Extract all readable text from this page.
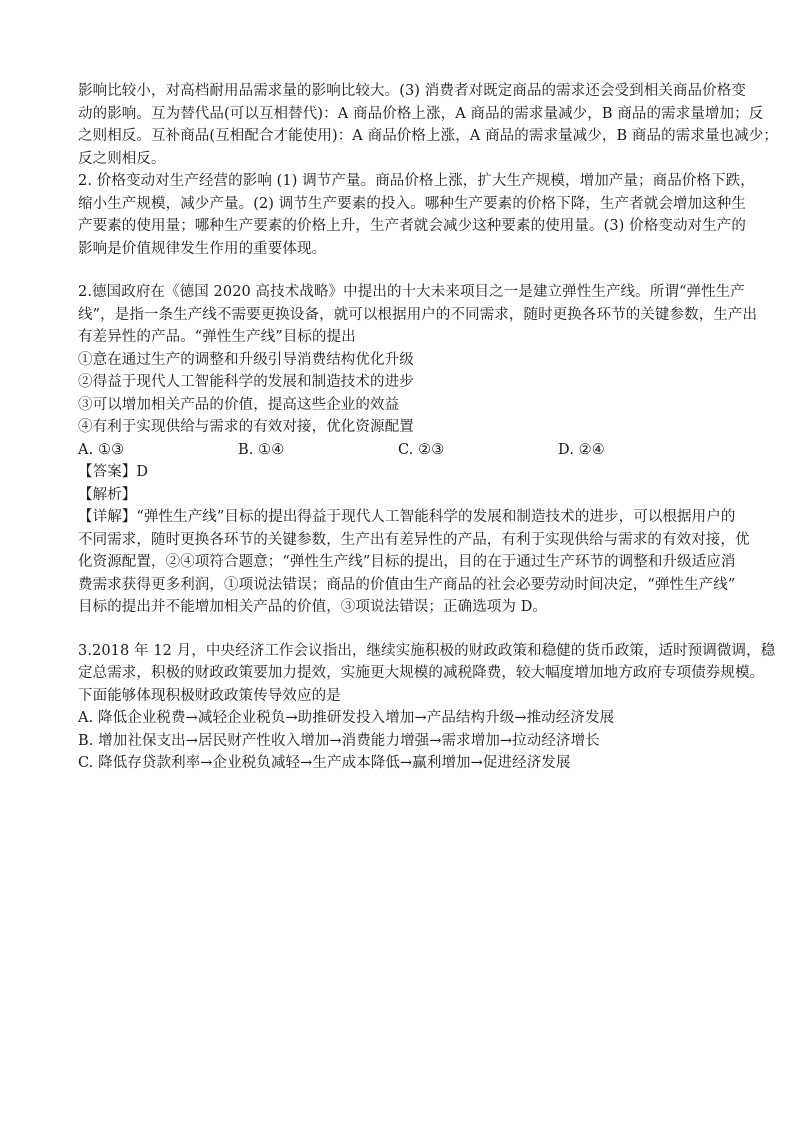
影响比较小，对高档耐用品需求量的影响比较大。(3) 消费者对既定商品的需求还会受到相关商品价格变
动的影响。互为替代品(可以互相替代)：A 商品价格上涨，A 商品的需求量减少，B 商品的需求量增加；反
之则相反。互补商品(互相配合才能使用)：A 商品价格上涨，A 商品的需求量减少，B 商品的需求量也减少；
反之则相反。
2. 价格变动对生产经营的影响 (1) 调节产量。商品价格上涨，扩大生产规模，增加产量；商品价格下跌，
缩小生产规模，减少产量。(2) 调节生产要素的投入。哪种生产要素的价格下降，生产者就会增加这种生
产要素的使用量；哪种生产要素的价格上升，生产者就会减少这种要素的使用量。(3) 价格变动对生产的
影响是价值规律发生作用的重要体现。
2.德国政府在《德国 2020 高技术战略》中提出的十大未来项目之一是建立弹性生产线。所谓“弹性生产
线”，是指一条生产线不需要更换设备，就可以根据用户的不同需求，随时更换各环节的关键参数，生产出
有差异性的产品。“弹性生产线”目标的提出
①意在通过生产的调整和升级引导消费结构优化升级
②得益于现代人工智能科学的发展和制造技术的进步
③可以增加相关产品的价值，提高这些企业的效益
④有利于实现供给与需求的有效对接，优化资源配置
A. ①③	B. ①④	C. ②③	D. ②④
【答案】D
【解析】
【详解】“弹性生产线”目标的提出得益于现代人工智能科学的发展和制造技术的进步，可以根据用户的
不同需求，随时更换各环节的关键参数，生产出有差异性的产品，有利于实现供给与需求的有效对接，优
化资源配置，②④项符合题意；“弹性生产线”目标的提出，目的在于通过生产环节的调整和升级适应消
费需求获得更多利润，①项说法错误；商品的价值由生产商品的社会必要劳动时间决定，“弹性生产线”
目标的提出并不能增加相关产品的价值，③项说法错误；正确选项为 D。
3.2018 年 12 月，中央经济工作会议指出，继续实施积极的财政政策和稳健的货币政策，适时预调微调，稳
定总需求，积极的财政政策要加力提效，实施更大规模的减税降费，较大幅度增加地方政府专项债券规模。
下面能够体现积极财政政策传导效应的是
A. 降低企业税费→减轻企业税负→助推研发投入增加→产品结构升级→推动经济发展
B. 增加社保支出→居民财产性收入增加→消费能力增强→需求增加→拉动经济增长
C. 降低存贷款利率→企业税负减轻→生产成本降低→赢利增加→促进经济发展
